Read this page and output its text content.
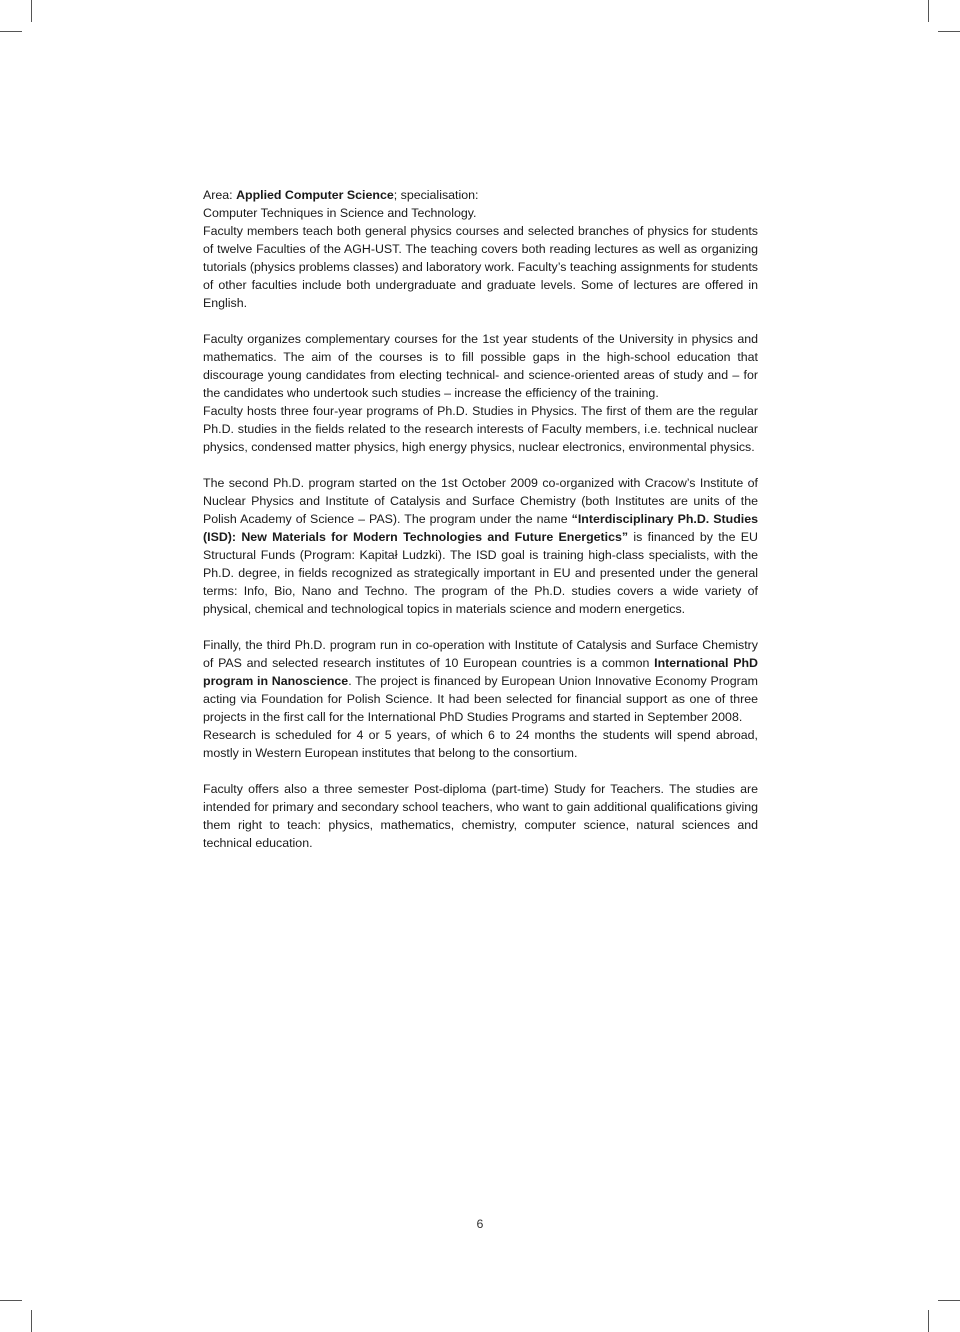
Area: Applied Computer Science; specialisation:
Computer Techniques in Science and Technology.
Faculty members teach both general physics courses and selected branches of physics for students of twelve Faculties of the AGH-UST. The teaching covers both reading lectures as well as organizing tutorials (physics problems classes) and laboratory work. Faculty’s teaching assignments for students of other faculties include both undergraduate and graduate levels. Some of lectures are offered in English.

Faculty organizes complementary courses for the 1st year students of the University in physics and mathematics. The aim of the courses is to fill possible gaps in the high-school education that discourage young candidates from electing technical- and science-oriented areas of study and – for the candidates who undertook such studies – increase the efficiency of the training.

Faculty hosts three four-year programs of Ph.D. Studies in Physics. The first of them are the regular Ph.D. studies in the fields related to the research interests of Faculty members, i.e. technical nuclear physics, condensed matter physics, high energy physics, nuclear electronics, environmental physics.

The second Ph.D. program started on the 1st October 2009 co-organized with Cracow’s Institute of Nuclear Physics and Institute of Catalysis and Surface Chemistry (both Institutes are units of the Polish Academy of Science – PAS). The program under the name “Interdisciplinary Ph.D. Studies (ISD): New Materials for Modern Technologies and Future Energetics” is financed by the EU Structural Funds (Program: Kapitał Ludzki). The ISD goal is training high-class specialists, with the Ph.D. degree, in fields recognized as strategically important in EU and presented under the general terms: Info, Bio, Nano and Techno. The program of the Ph.D. studies covers a wide variety of physical, chemical and technological topics in materials science and modern energetics.

Finally, the third Ph.D. program run in co-operation with Institute of Catalysis and Surface Chemistry of PAS and selected research institutes of 10 European countries is a common International PhD program in Nanoscience. The project is financed by European Union Innovative Economy Program acting via Foundation for Polish Science. It had been selected for financial support as one of three projects in the first call for the International PhD Studies Programs and started in September 2008.

Research is scheduled for 4 or 5 years, of which 6 to 24 months the students will spend abroad, mostly in Western European institutes that belong to the consortium.

Faculty offers also a three semester Post-diploma (part-time) Study for Teachers. The studies are intended for primary and secondary school teachers, who want to gain additional qualifications giving them right to teach: physics, mathematics, chemistry, computer science, natural sciences and technical education.

6
